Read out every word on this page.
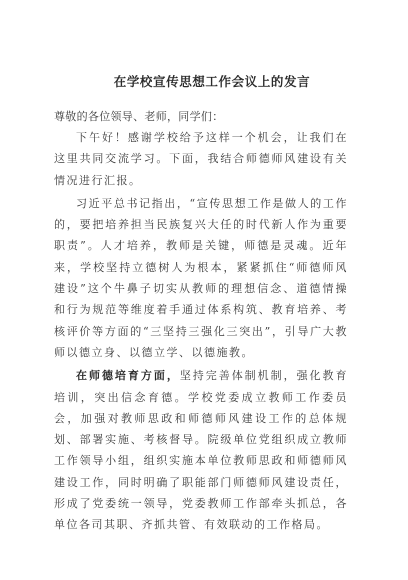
在学校宣传思想工作会议上的发言

尊敬的各位领导、老师，同学们：

下午好！感谢学校给予这样一个机会，让我们在这里共同交流学习。下面，我结合师德师风建设有关情况进行汇报。

习近平总书记指出，“宣传思想工作是做人的工作的，要把培养担当民族复兴大任的时代新人作为重要职责”。人才培养，教师是关键，师德是灵魂。近年来，学校坚持立德树人为根本，紧紧抓住“师德师风建设”这个牛鼻子切实从教师的理想信念、道德情操和行为规范等维度着手通过体系构筑、教育培养、考核评价等方面的“三坚持三强化三突出”，引导广大教师以德立身、以德立学、以德施教。

在师德培育方面，坚持完善体制机制，强化教育培训，突出信念育德。学校党委成立教师工作委员会，加强对教师思政和师德师风建设工作的总体规划、部署实施、考核督导。院级单位党组织成立教师工作领导小组，组织实施本单位教师思政和师德师风建设工作，同时明确了职能部门师德师风建设责任，形成了党委统一领导，党委教师工作部牵头抓总，各单位各司其职、齐抓共管、有效联动的工作格局。
